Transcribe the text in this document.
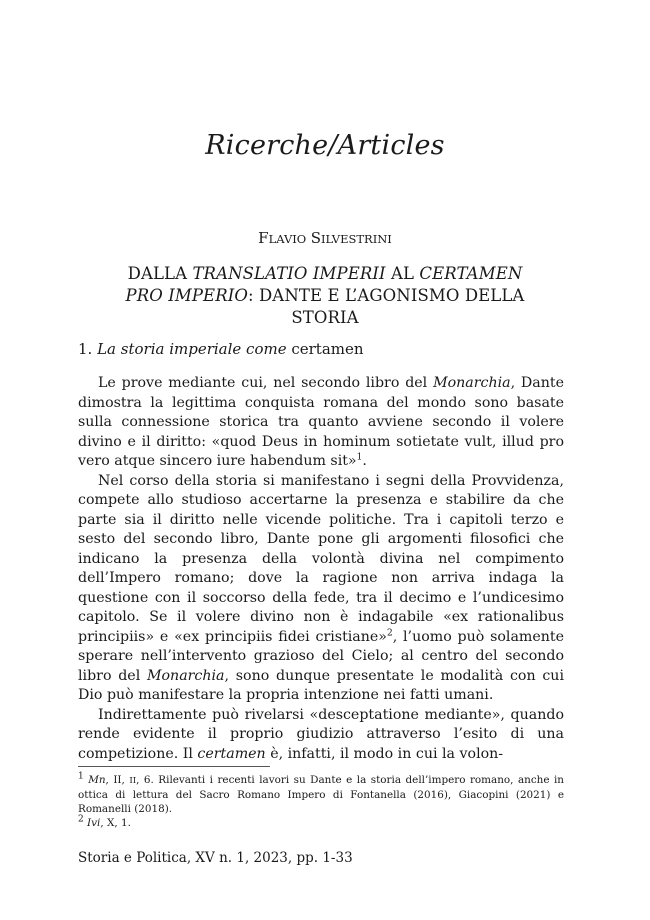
Ricerche/Articles
FLAVIO SILVESTRINI
DALLA TRANSLATIO IMPERII AL CERTAMEN PRO IMPERIO: DANTE E L’AGONISMO DELLA STORIA
1. La storia imperiale come certamen

Le prove mediante cui, nel secondo libro del Monarchia, Dante dimostra la legittima conquista romana del mondo sono basate sulla connessione storica tra quanto avviene secondo il volere divino e il diritto: «quod Deus in hominum sotietate vult, illud pro vero atque sincero iure habendum sit»$^1$.

Nel corso della storia si manifestano i segni della Provvidenza, compete allo studioso accertarne la presenza e stabilire da che parte sia il diritto nelle vicende politiche. Tra i capitoli terzo e sesto del secondo libro, Dante pone gli argomenti filosofici che indicano la presenza della volontà divina nel compimento dell’Impero romano; dove la ragione non arriva indaga la questione con il soccorso della fede, tra il decimo e l’undicesimo capitolo. Se il volere divino non è indagabile «ex rationalibus principiis» e «ex principiis fidei cristiane»$^2$, l’uomo può solamente sperare nell’intervento grazioso del Cielo; al centro del secondo libro del Monarchia, sono dunque presentate le modalità con cui Dio può manifestare la propria intenzione nei fatti umani.

Indirettamente può rivelarsi «desceptatione mediante», quando rende evidente il proprio giudizio attraverso l’esito di una competizione. Il certamen è, infatti, il modo in cui la volon-

$^1$ Mn, II, II, 6. Rilevanti i recenti lavori su Dante e la storia dell’impero romano, anche in ottica di lettura del Sacro Romano Impero di Fontanella (2016), Giacopini (2021) e Romanelli (2018).

$^2$ Ivi, X, 1.

Storia e Politica, XV n. 1, 2023, pp. 1-33
